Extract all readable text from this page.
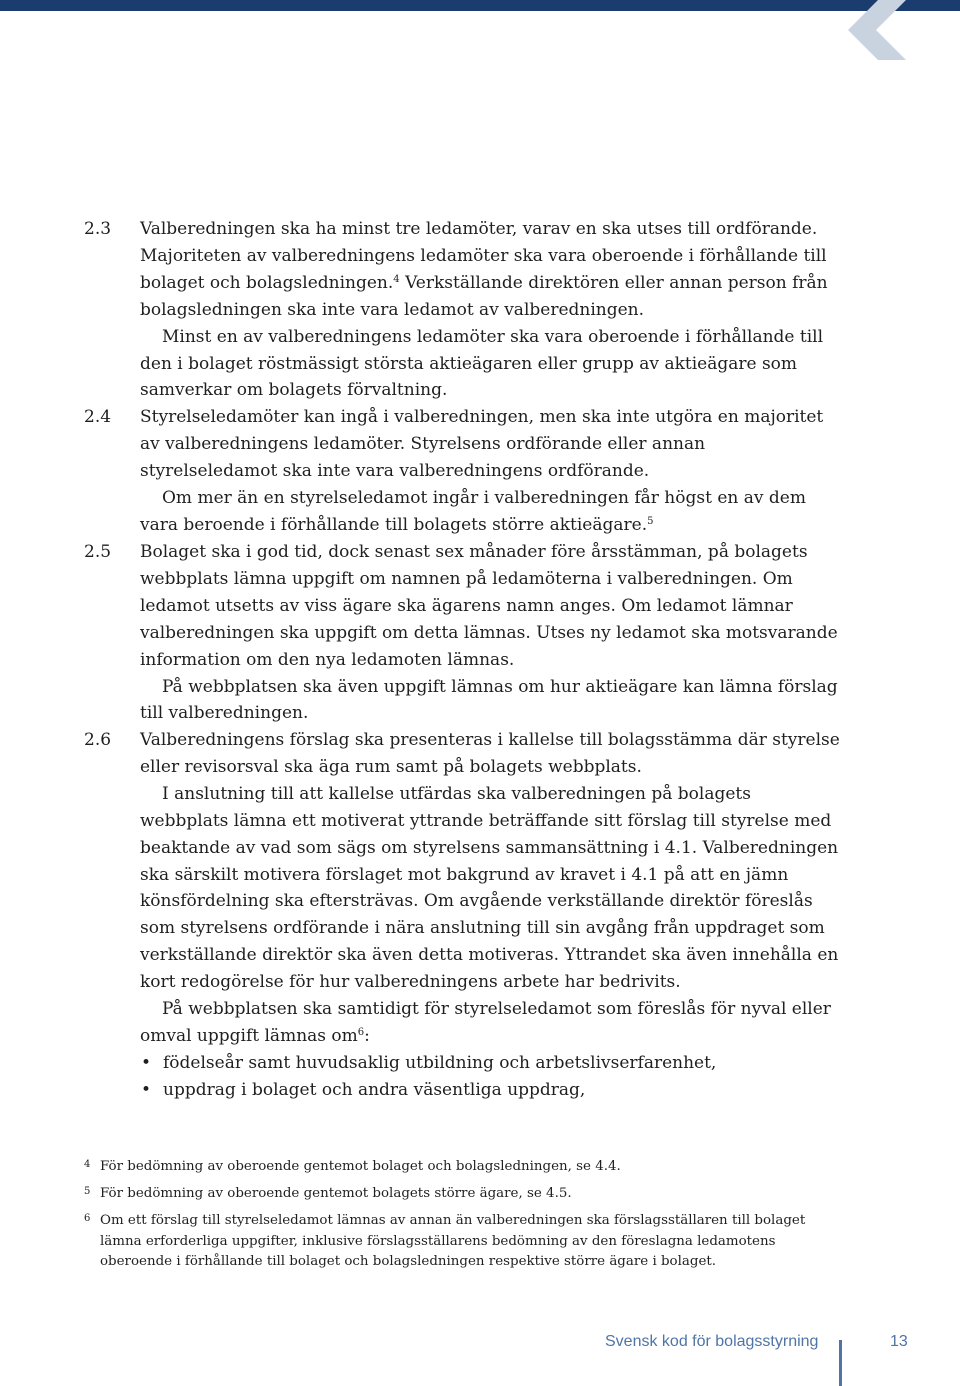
2.3	Valberedningen ska ha minst tre ledamöter, varav en ska utses till ordförande. Majoriteten av valberedningens ledamöter ska vara oberoende i förhållande till bolaget och bolagsledningen.$^4$ Verkställande direktören eller annan person från bolagsledningen ska inte vara ledamot av valberedningen.

Minst en av valberedningens ledamöter ska vara oberoende i förhållande till den i bolaget röstmässigt största aktieägaren eller grupp av aktieägare som samverkar om bolagets förvaltning.

2.4	Styrelseledamöter kan ingå i valberedningen, men ska inte utgöra en majoritet av valberedningens ledamöter. Styrelsens ordförande eller annan styrelseledamot ska inte vara valberedningens ordförande.

Om mer än en styrelseledamot ingår i valberedningen får högst en av dem vara beroende i förhållande till bolagets större aktieägare.$^5$

2.5	Bolaget ska i god tid, dock senast sex månader före årsstämman, på bolagets webbplats lämna uppgift om namnen på ledamöterna i valberedningen. Om ledamot utsetts av viss ägare ska ägarens namn anges. Om ledamot lämnar valberedningen ska uppgift om detta lämnas. Utses ny ledamot ska motsvarande information om den nya ledamoten lämnas.

På webbplatsen ska även uppgift lämnas om hur aktieägare kan lämna förslag till valberedningen.

2.6	Valberedningens förslag ska presenteras i kallelse till bolagsstämma där styrelse eller revisorsval ska äga rum samt på bolagets webbplats.

I anslutning till att kallelse utfärdas ska valberedningen på bolagets webbplats lämna ett motiverat yttrande beträffande sitt förslag till styrelse med beaktande av vad som sägs om styrelsens sammansättning i 4.1. Valberedningen ska särskilt motivera förslaget mot bakgrund av kravet i 4.1 på att en jämn könsfördelning ska eftersträvas. Om avgående verkställande direktör föreslås som styrelsens ordförande i nära anslutning till sin avgång från uppdraget som verkställande direktör ska även detta motiveras. Yttrandet ska även innehålla en kort redogörelse för hur valberedningens arbete har bedrivits.

På webbplatsen ska samtidigt för styrelseledamot som föreslås för nyval eller omval uppgift lämnas $om^6$:

• födelseår samt huvudsaklig utbildning och arbetslivserfarenhet,
• uppdrag i bolaget och andra väsentliga uppdrag,
4 För bedömning av oberoende gentemot bolaget och bolagsledningen, se 4.4.
5 För bedömning av oberoende gentemot bolagets större ägare, se 4.5.
6 Om ett förslag till styrelseledamot lämnas av annan än valberedningen ska förslagsställaren till bolaget lämna erforderliga uppgifter, inklusive förslagsställarens bedömning av den föreslagna ledamotens oberoende i förhållande till bolaget och bolagsledningen respektive större ägare i bolaget.
Svensk kod för bolagsstyrning	13
